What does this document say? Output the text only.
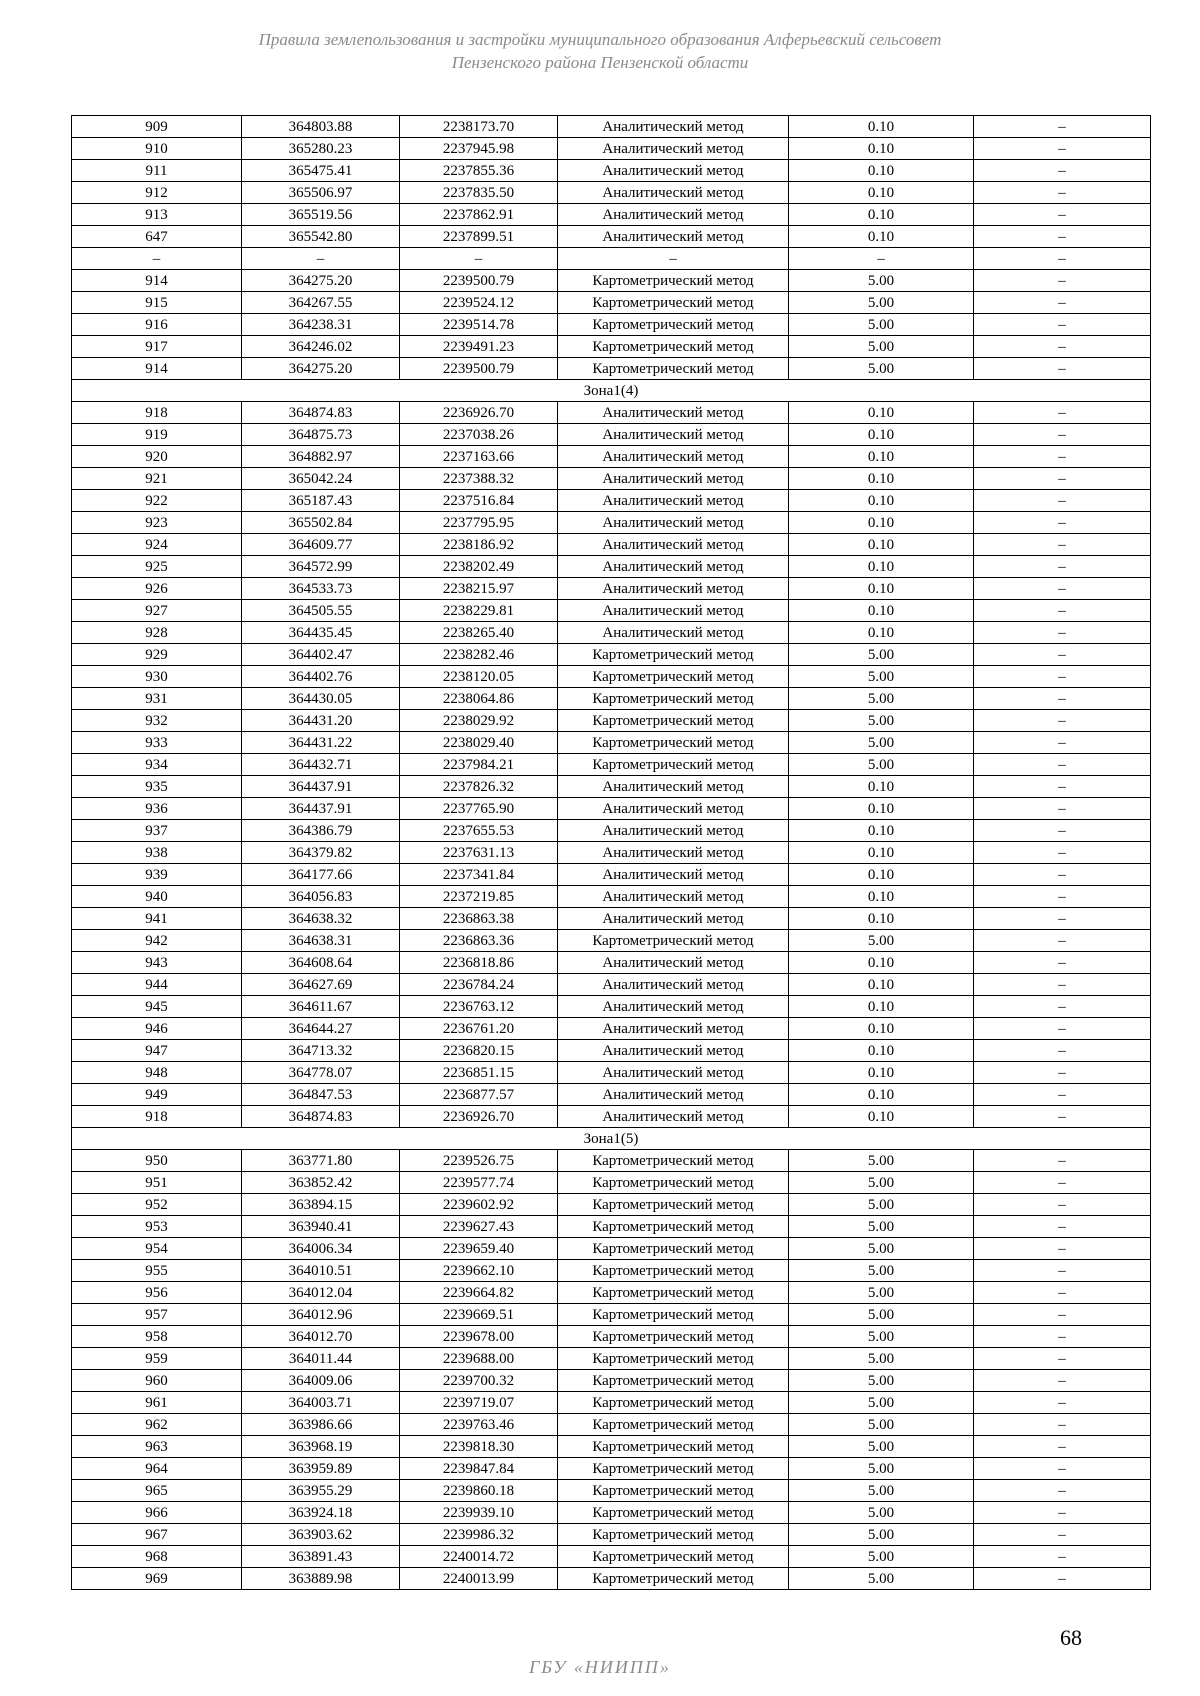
Правила землепользования и застройки муниципального образования Алферьевский сельсовет
Пензенского района Пензенской области
909	364803.88	2238173.70	Аналитический метод	0.10	–
910	365280.23	2237945.98	Аналитический метод	0.10	–
911	365475.41	2237855.36	Аналитический метод	0.10	–
912	365506.97	2237835.50	Аналитический метод	0.10	–
913	365519.56	2237862.91	Аналитический метод	0.10	–
647	365542.80	2237899.51	Аналитический метод	0.10	–
–	–	–	–	–	–
914	364275.20	2239500.79	Картометрический метод	5.00	–
915	364267.55	2239524.12	Картометрический метод	5.00	–
916	364238.31	2239514.78	Картометрический метод	5.00	–
917	364246.02	2239491.23	Картометрический метод	5.00	–
914	364275.20	2239500.79	Картометрический метод	5.00	–
Зона1(4)					
918	364874.83	2236926.70	Аналитический метод	0.10	–
919	364875.73	2237038.26	Аналитический метод	0.10	–
920	364882.97	2237163.66	Аналитический метод	0.10	–
921	365042.24	2237388.32	Аналитический метод	0.10	–
922	365187.43	2237516.84	Аналитический метод	0.10	–
923	365502.84	2237795.95	Аналитический метод	0.10	–
924	364609.77	2238186.92	Аналитический метод	0.10	–
925	364572.99	2238202.49	Аналитический метод	0.10	–
926	364533.73	2238215.97	Аналитический метод	0.10	–
927	364505.55	2238229.81	Аналитический метод	0.10	–
928	364435.45	2238265.40	Аналитический метод	0.10	–
929	364402.47	2238282.46	Картометрический метод	5.00	–
930	364402.76	2238120.05	Картометрический метод	5.00	–
931	364430.05	2238064.86	Картометрический метод	5.00	–
932	364431.20	2238029.92	Картометрический метод	5.00	–
933	364431.22	2238029.40	Картометрический метод	5.00	–
934	364432.71	2237984.21	Картометрический метод	5.00	–
935	364437.91	2237826.32	Аналитический метод	0.10	–
936	364437.91	2237765.90	Аналитический метод	0.10	–
937	364386.79	2237655.53	Аналитический метод	0.10	–
938	364379.82	2237631.13	Аналитический метод	0.10	–
939	364177.66	2237341.84	Аналитический метод	0.10	–
940	364056.83	2237219.85	Аналитический метод	0.10	–
941	364638.32	2236863.38	Аналитический метод	0.10	–
942	364638.31	2236863.36	Картометрический метод	5.00	–
943	364608.64	2236818.86	Аналитический метод	0.10	–
944	364627.69	2236784.24	Аналитический метод	0.10	–
945	364611.67	2236763.12	Аналитический метод	0.10	–
946	364644.27	2236761.20	Аналитический метод	0.10	–
947	364713.32	2236820.15	Аналитический метод	0.10	–
948	364778.07	2236851.15	Аналитический метод	0.10	–
949	364847.53	2236877.57	Аналитический метод	0.10	–
918	364874.83	2236926.70	Аналитический метод	0.10	–
Зона1(5)					
950	363771.80	2239526.75	Картометрический метод	5.00	–
951	363852.42	2239577.74	Картометрический метод	5.00	–
952	363894.15	2239602.92	Картометрический метод	5.00	–
953	363940.41	2239627.43	Картометрический метод	5.00	–
954	364006.34	2239659.40	Картометрический метод	5.00	–
955	364010.51	2239662.10	Картометрический метод	5.00	–
956	364012.04	2239664.82	Картометрический метод	5.00	–
957	364012.96	2239669.51	Картометрический метод	5.00	–
958	364012.70	2239678.00	Картометрический метод	5.00	–
959	364011.44	2239688.00	Картометрический метод	5.00	–
960	364009.06	2239700.32	Картометрический метод	5.00	–
961	364003.71	2239719.07	Картометрический метод	5.00	–
962	363986.66	2239763.46	Картометрический метод	5.00	–
963	363968.19	2239818.30	Картометрический метод	5.00	–
964	363959.89	2239847.84	Картометрический метод	5.00	–
965	363955.29	2239860.18	Картометрический метод	5.00	–
966	363924.18	2239939.10	Картометрический метод	5.00	–
967	363903.62	2239986.32	Картометрический метод	5.00	–
968	363891.43	2240014.72	Картометрический метод	5.00	–
969	363889.98	2240013.99	Картометрический метод	5.00	–
68
ГБУ «НИИПП»
